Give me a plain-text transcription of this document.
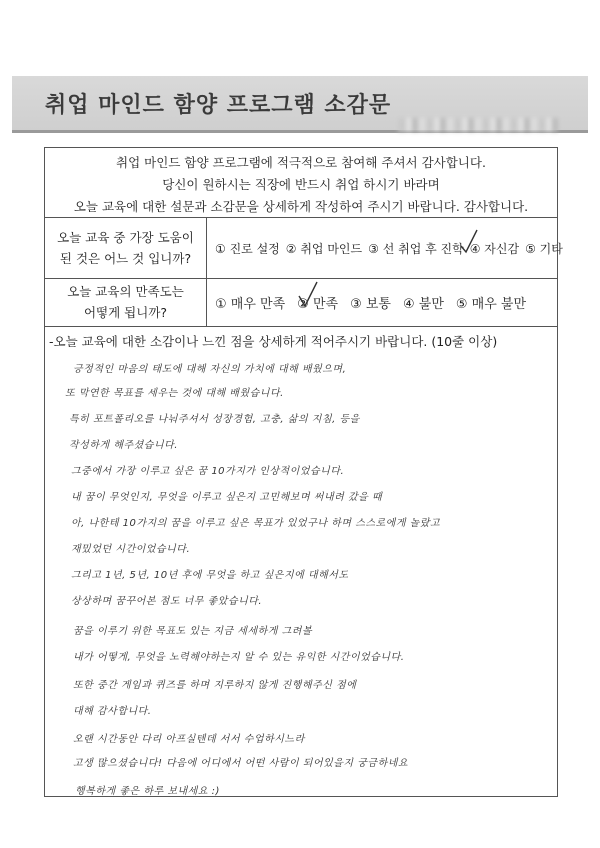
취업 마인드 함양 프로그램 소감문
취업 마인드 함양 프로그램에 적극적으로 참여해 주셔서 감사합니다.
당신이 원하시는 직장에 반드시 취업 하시기 바라며
오늘 교육에 대한 설문과 소감문을 상세하게 작성하여 주시기 바랍니다. 감사합니다.
오늘 교육 중 가장 도움이
된 것은 어느 것 입니까?
① 진로 설정 ② 취업 마인드 ③ 선 취업 후 진학 ④ 자신감 ⑤ 기타
오늘 교육의 만족도는
어떻게 됩니까?
① 매우 만족 ② 만족 ③ 보통 ④ 불만 ⑤ 매우 불만
-오늘 교육에 대한 소감이나 느낀 점을 상세하게 적어주시기 바랍니다. (10줄 이상)
긍정적인 마음의 태도에 대해 자신의 가치에 대해 배웠으며,
또 막연한 목표를 세우는 것에 대해 배웠습니다.
특히 포트폴리오를 나눠주셔서 성장경험, 고충, 삶의 지침, 등을
작성하게 해주셨습니다.
그중에서 가장 이루고 싶은 꿈 10가지가 인상적이었습니다.
내 꿈이 무엇인지, 무엇을 이루고 싶은지 고민해보며 써내려 갔을 때
아, 나한테 10가지의 꿈을 이루고 싶은 목표가 있었구나 하며 스스로에게 놀랐고
재밌었던 시간이었습니다.
그리고 1년, 5년, 10년 후에 무엇을 하고 싶은지에 대해서도
상상하며 꿈꾸어본 점도 너무 좋았습니다.
꿈을 이루기 위한 목표도 있는 지금 세세하게 그려볼
내가 어떻게, 무엇을 노력해야하는지 알 수 있는 유익한 시간이었습니다.
또한 중간 게임과 퀴즈를 하며 지루하지 않게 진행해주신 점에
대해 감사합니다.
오랜 시간동안 다리 아프실텐데 서서 수업하시느라
고생 많으셨습니다! 다음에 어디에서 어떤 사람이 되어있을지 궁금하네요
행복하게 좋은 하루 보내세요 :)
